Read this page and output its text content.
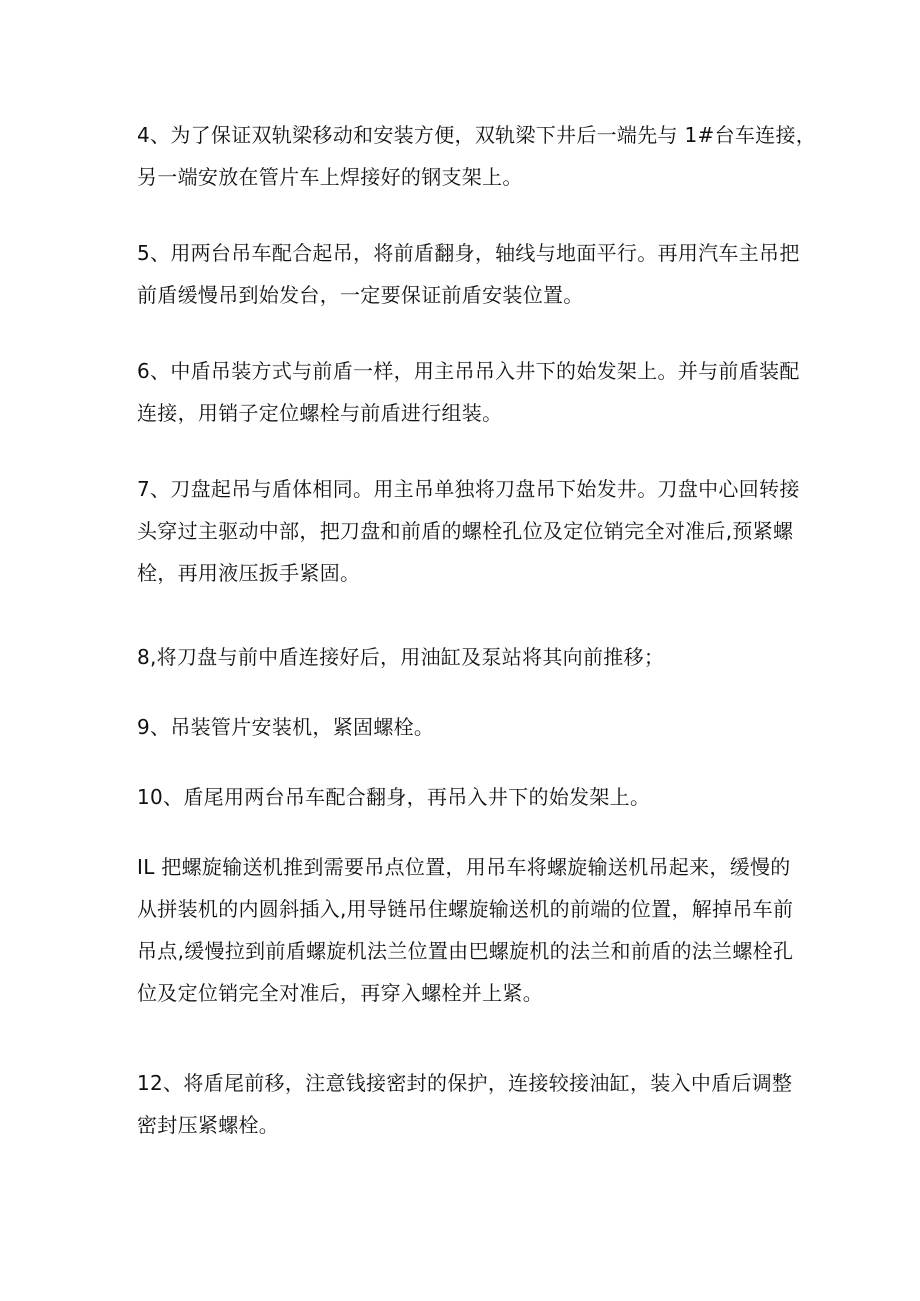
4、为了保证双轨梁移动和安装方便，双轨梁下井后一端先与 1#台车连接，
另一端安放在管片车上焊接好的钢支架上。

5、用两台吊车配合起吊，将前盾翻身，轴线与地面平行。再用汽车主吊把
前盾缓慢吊到始发台，一定要保证前盾安装位置。

6、中盾吊装方式与前盾一样，用主吊吊入井下的始发架上。并与前盾装配
连接，用销子定位螺栓与前盾进行组装。

7、刀盘起吊与盾体相同。用主吊单独将刀盘吊下始发井。刀盘中心回转接
头穿过主驱动中部，把刀盘和前盾的螺栓孔位及定位销完全对准后,预紧螺
栓，再用液压扳手紧固。

8,将刀盘与前中盾连接好后，用油缸及泵站将其向前推移；

9、吊装管片安装机，紧固螺栓。

10、盾尾用两台吊车配合翻身，再吊入井下的始发架上。

IL 把螺旋输送机推到需要吊点位置，用吊车将螺旋输送机吊起来，缓慢的
从拼装机的内圆斜插入,用导链吊住螺旋输送机的前端的位置，解掉吊车前
吊点,缓慢拉到前盾螺旋机法兰位置由巴螺旋机的法兰和前盾的法兰螺栓孔
位及定位销完全对准后，再穿入螺栓并上紧。

12、将盾尾前移，注意钱接密封的保护，连接较接油缸，装入中盾后调整
密封压紧螺栓。
